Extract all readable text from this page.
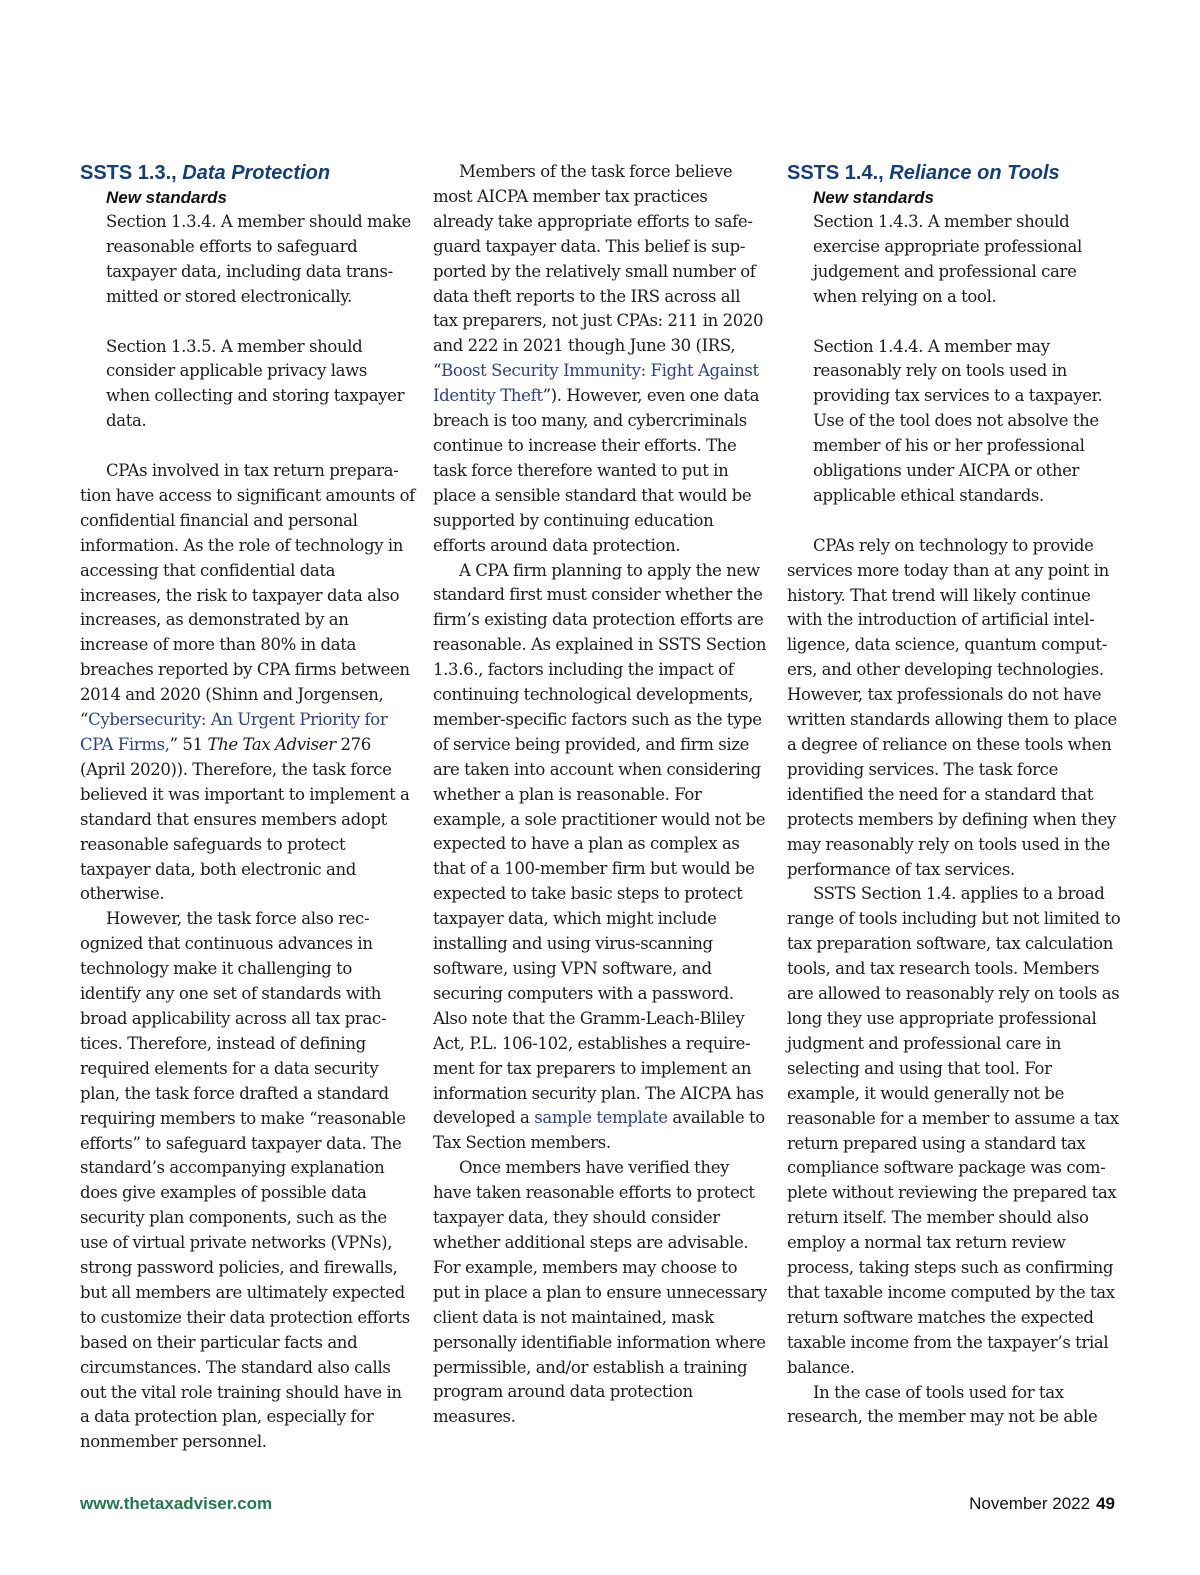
SSTS 1.3., Data Protection
New standards

Section 1.3.4. A member should make reasonable efforts to safeguard taxpayer data, including data transmitted or stored electronically.

Section 1.3.5. A member should consider applicable privacy laws when collecting and storing taxpayer data.

CPAs involved in tax return preparation have access to significant amounts of confidential financial and personal information. As the role of technology in accessing that confidential data increases, the risk to taxpayer data also increases, as demonstrated by an increase of more than 80% in data breaches reported by CPA firms between 2014 and 2020 (Shinn and Jorgensen, “Cybersecurity: An Urgent Priority for CPA Firms,” 51 The Tax Adviser 276 (April 2020)). Therefore, the task force believed it was important to implement a standard that ensures members adopt reasonable safeguards to protect taxpayer data, both electronic and otherwise.

However, the task force also recognized that continuous advances in technology make it challenging to identify any one set of standards with broad applicability across all tax practices. Therefore, instead of defining required elements for a data security plan, the task force drafted a standard requiring members to make “reasonable efforts” to safeguard taxpayer data. The standard’s accompanying explanation does give examples of possible data security plan components, such as the use of virtual private networks (VPNs), strong password policies, and firewalls, but all members are ultimately expected to customize their data protection efforts based on their particular facts and circumstances. The standard also calls out the vital role training should have in a data protection plan, especially for nonmember personnel.

Members of the task force believe most AICPA member tax practices already take appropriate efforts to safeguard taxpayer data. This belief is supported by the relatively small number of data theft reports to the IRS across all tax preparers, not just CPAs: 211 in 2020 and 222 in 2021 though June 30 (IRS, “Boost Security Immunity: Fight Against Identity Theft”). However, even one data breach is too many, and cybercriminals continue to increase their efforts. The task force therefore wanted to put in place a sensible standard that would be supported by continuing education efforts around data protection.

A CPA firm planning to apply the new standard first must consider whether the firm’s existing data protection efforts are reasonable. As explained in SSTS Section 1.3.6., factors including the impact of continuing technological developments, member-specific factors such as the type of service being provided, and firm size are taken into account when considering whether a plan is reasonable. For example, a sole practitioner would not be expected to have a plan as complex as that of a 100-member firm but would be expected to take basic steps to protect taxpayer data, which might include installing and using virus-scanning software, using VPN software, and securing computers with a password. Also note that the Gramm-Leach-Bliley Act, P.L. 106-102, establishes a requirement for tax preparers to implement an information security plan. The AICPA has developed a sample template available to Tax Section members.

Once members have verified they have taken reasonable efforts to protect taxpayer data, they should consider whether additional steps are advisable. For example, members may choose to put in place a plan to ensure unnecessary client data is not maintained, mask personally identifiable information where permissible, and/or establish a training program around data protection measures.

SSTS 1.4., Reliance on Tools
New standards

Section 1.4.3. A member should exercise appropriate professional judgement and professional care when relying on a tool.

Section 1.4.4. A member may reasonably rely on tools used in providing tax services to a taxpayer. Use of the tool does not absolve the member of his or her professional obligations under AICPA or other applicable ethical standards.

CPAs rely on technology to provide services more today than at any point in history. That trend will likely continue with the introduction of artificial intelligence, data science, quantum computers, and other developing technologies. However, tax professionals do not have written standards allowing them to place a degree of reliance on these tools when providing services. The task force identified the need for a standard that protects members by defining when they may reasonably rely on tools used in the performance of tax services.

SSTS Section 1.4. applies to a broad range of tools including but not limited to tax preparation software, tax calculation tools, and tax research tools. Members are allowed to reasonably rely on tools as long they use appropriate professional judgment and professional care in selecting and using that tool. For example, it would generally not be reasonable for a member to assume a tax return prepared using a standard tax compliance software package was complete without reviewing the prepared tax return itself. The member should also employ a normal tax return review process, taking steps such as confirming that taxable income computed by the tax return software matches the expected taxable income from the taxpayer’s trial balance.

In the case of tools used for tax research, the member may not be able

www.thetaxadviser.com	November 2022 49
